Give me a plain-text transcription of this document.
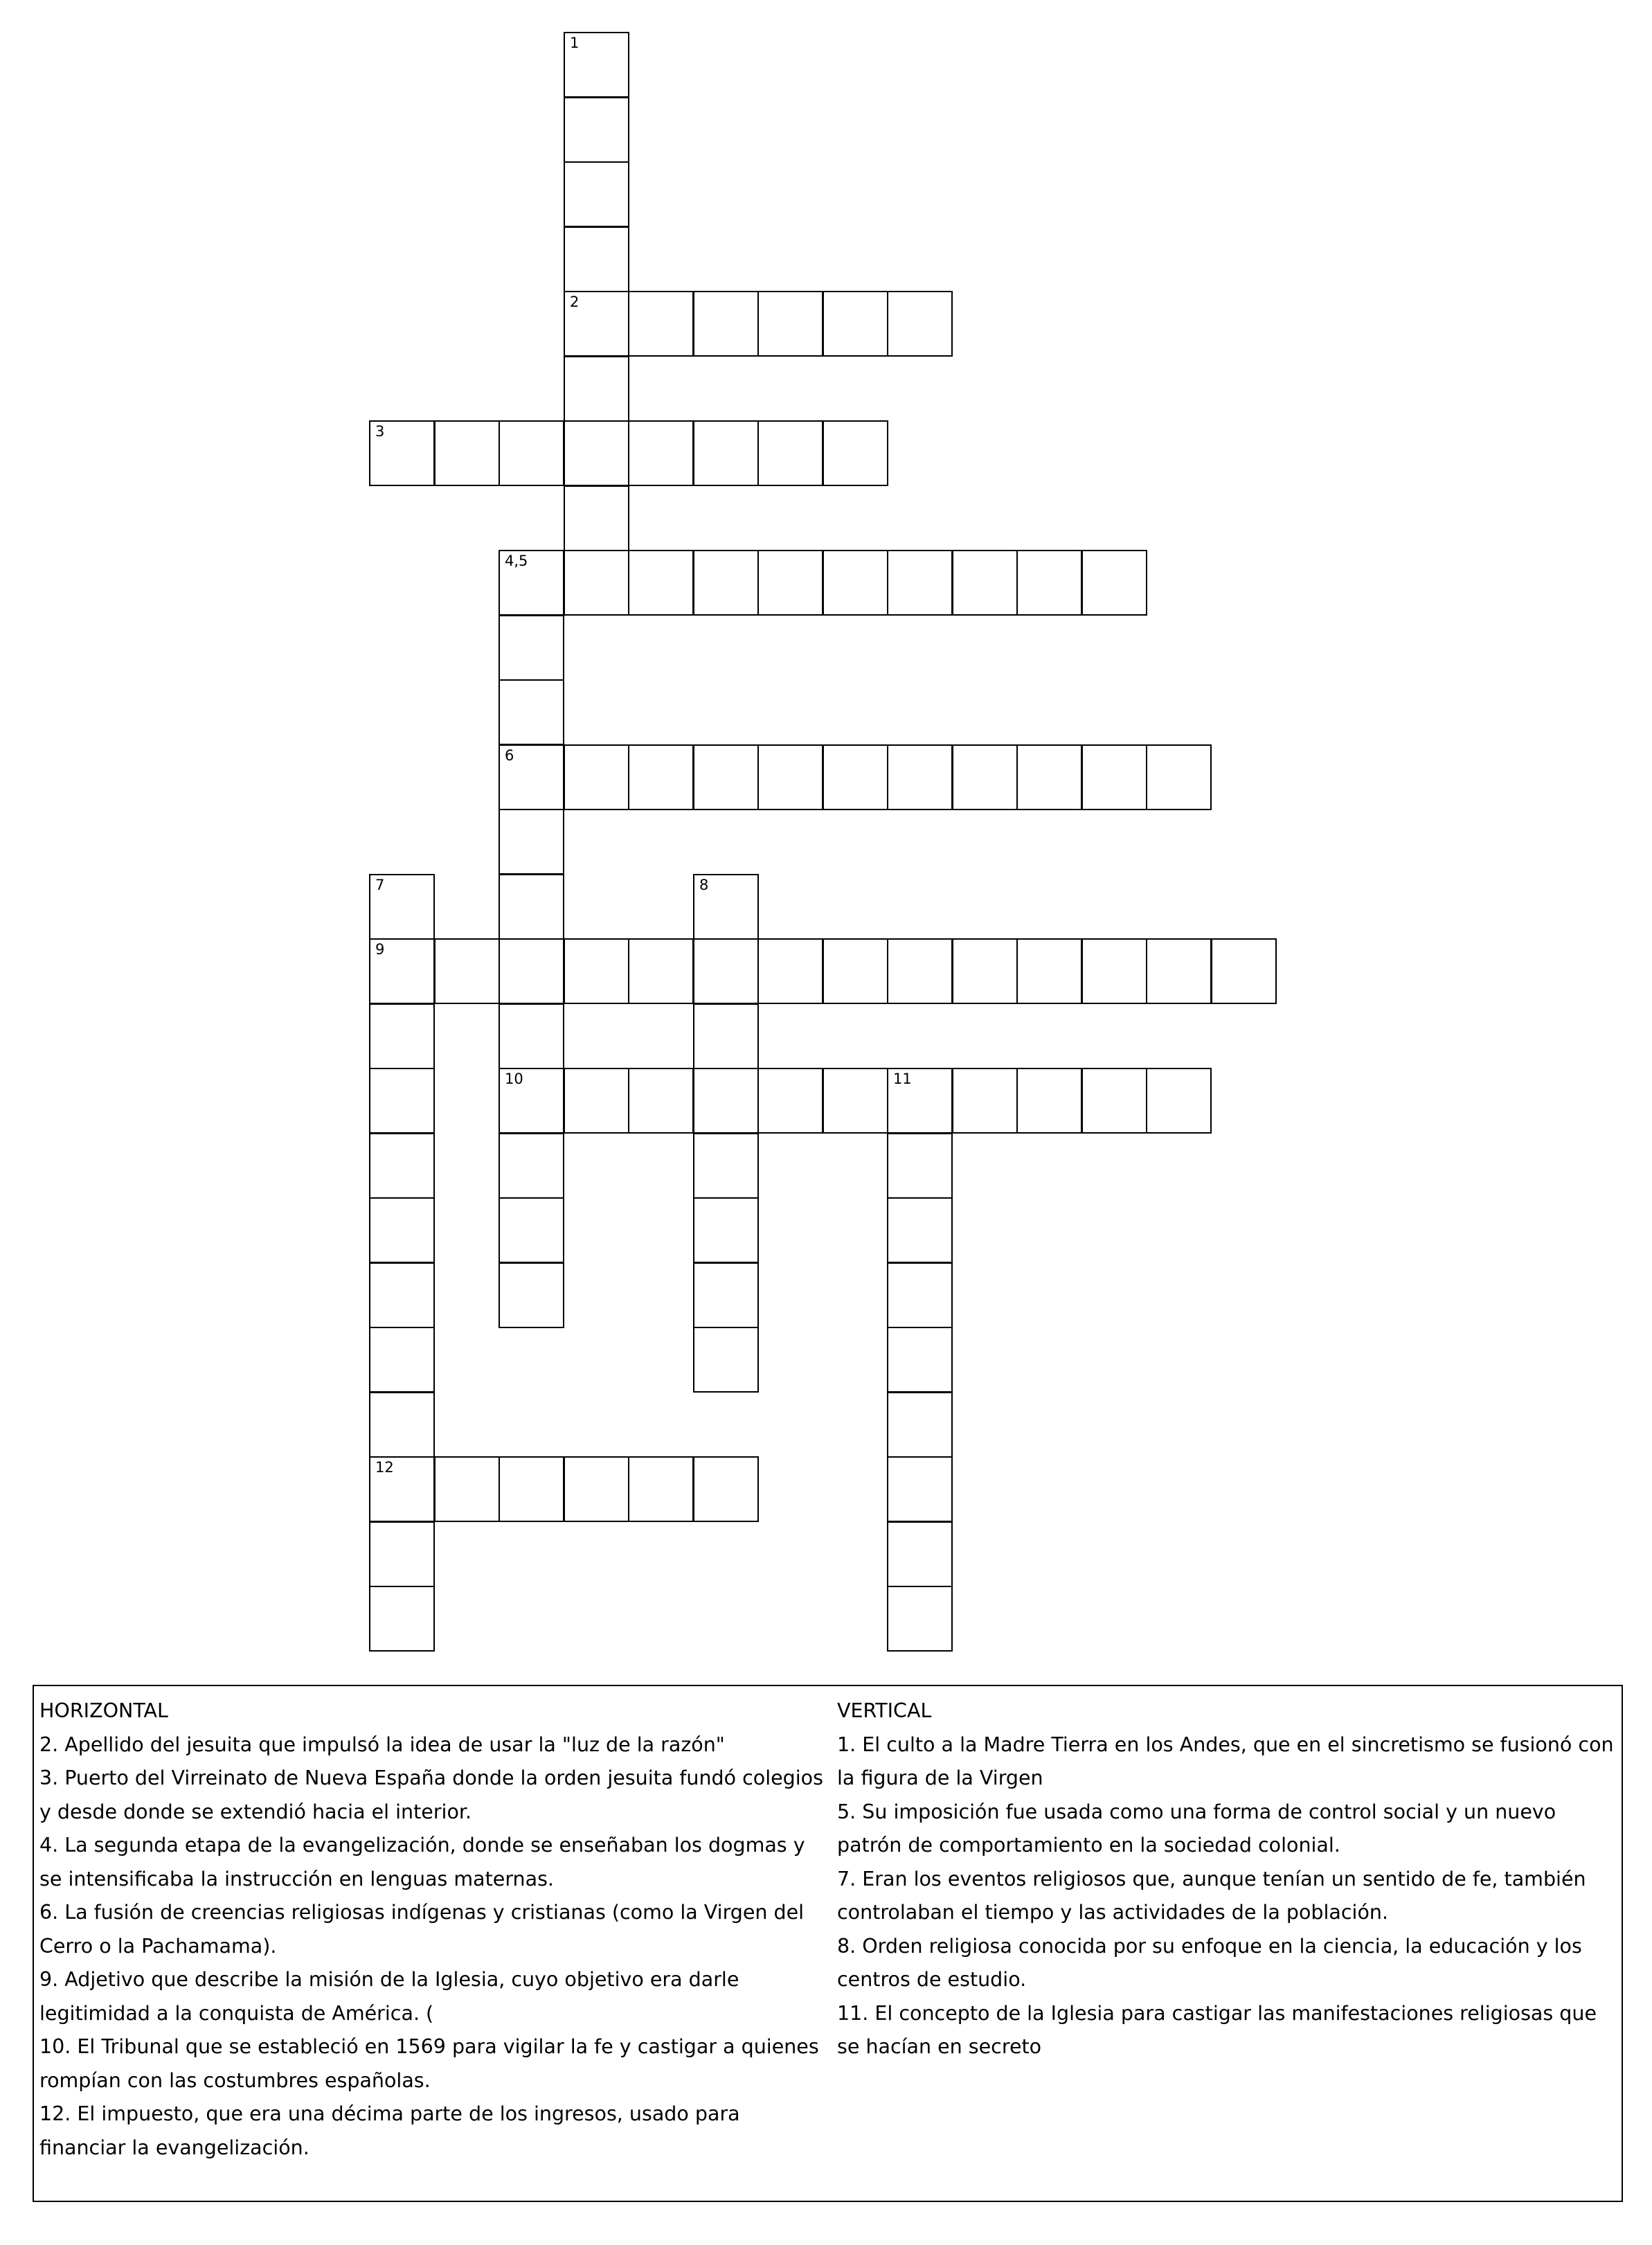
1
2
3
4,5
6
7	8
9
10	11
12
HORIZONTAL
2. Apellido del jesuita que impulsó la idea de usar la "luz de la razón"
3. Puerto del Virreinato de Nueva España donde la orden jesuita fundó colegios y desde donde se extendió hacia el interior.
4. La segunda etapa de la evangelización, donde se enseñaban los dogmas y se intensificaba la instrucción en lenguas maternas.
6. La fusión de creencias religiosas indígenas y cristianas (como la Virgen del Cerro o la Pachamama).
9. Adjetivo que describe la misión de la Iglesia, cuyo objetivo era darle legitimidad a la conquista de América. (
10. El Tribunal que se estableció en 1569 para vigilar la fe y castigar a quienes rompían con las costumbres españolas.
12. El impuesto, que era una décima parte de los ingresos, usado para financiar la evangelización.
VERTICAL
1. El culto a la Madre Tierra en los Andes, que en el sincretismo se fusionó con la figura de la Virgen
5. Su imposición fue usada como una forma de control social y un nuevo patrón de comportamiento en la sociedad colonial.
7. Eran los eventos religiosos que, aunque tenían un sentido de fe, también controlaban el tiempo y las actividades de la población.
8. Orden religiosa conocida por su enfoque en la ciencia, la educación y los centros de estudio.
11. El concepto de la Iglesia para castigar las manifestaciones religiosas que se hacían en secreto
